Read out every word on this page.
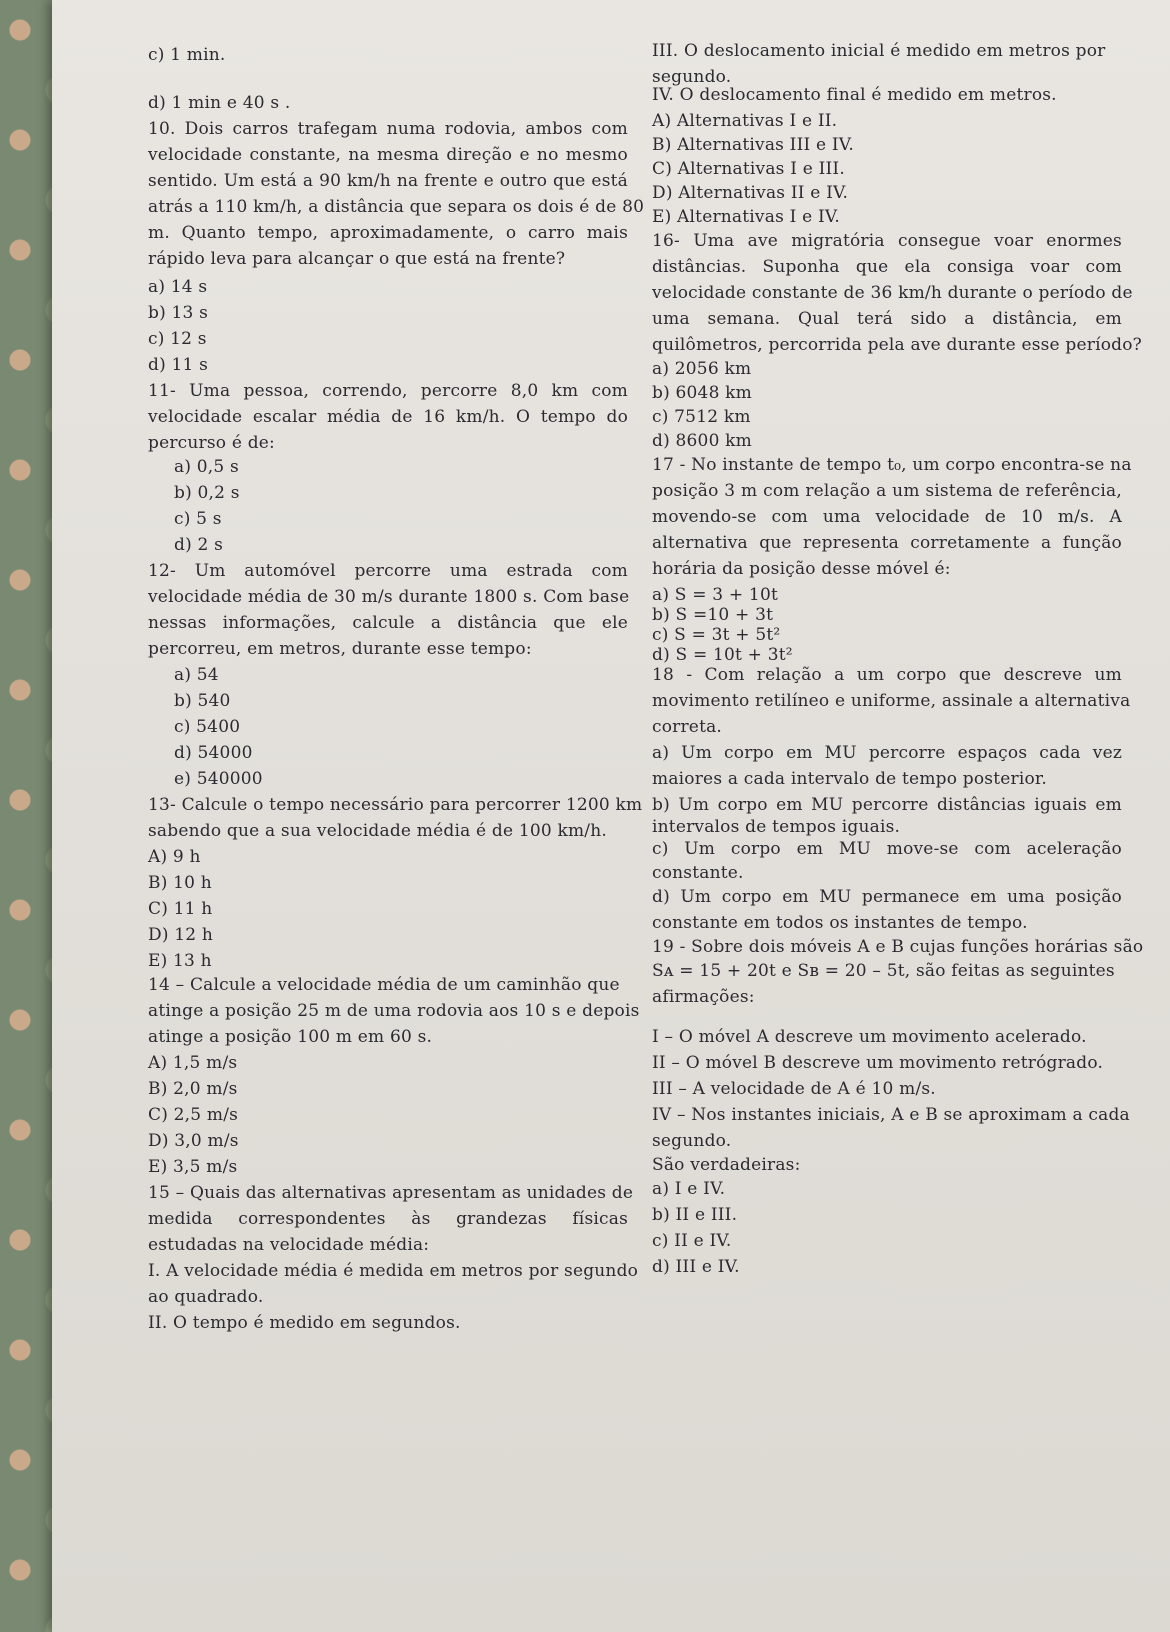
c) 1 min.
d) 1 min e 40 s .
10. Dois carros trafegam numa rodovia, ambos com
velocidade constante, na mesma direção e no mesmo
sentido. Um está a 90 km/h na frente e outro que está
atrás a 110 km/h, a distância que separa os dois é de 80
m. Quanto tempo, aproximadamente, o carro mais
rápido leva para alcançar o que está na frente?
a) 14 s
b) 13 s
c) 12 s
d) 11 s
11- Uma pessoa, correndo, percorre 8,0 km com
velocidade escalar média de 16 km/h. O tempo do
percurso é de:
a) 0,5 s
b) 0,2 s
c) 5 s
d) 2 s
12- Um automóvel percorre uma estrada com
velocidade média de 30 m/s durante 1800 s. Com base
nessas informações, calcule a distância que ele
percorreu, em metros, durante esse tempo:
a) 54
b) 540
c) 5400
d) 54000
e) 540000
13- Calcule o tempo necessário para percorrer 1200 km
sabendo que a sua velocidade média é de 100 km/h.
A) 9 h
B) 10 h
C) 11 h
D) 12 h
E) 13 h
14 – Calcule a velocidade média de um caminhão que
atinge a posição 25 m de uma rodovia aos 10 s e depois
atinge a posição 100 m em 60 s.
A) 1,5 m/s
B) 2,0 m/s
C) 2,5 m/s
D) 3,0 m/s
E) 3,5 m/s
15 – Quais das alternativas apresentam as unidades de
medida correspondentes às grandezas físicas
estudadas na velocidade média:
I. A velocidade média é medida em metros por segundo
ao quadrado.
II. O tempo é medido em segundos.
III. O deslocamento inicial é medido em metros por
segundo.
IV. O deslocamento final é medido em metros.
A) Alternativas I e II.
B) Alternativas III e IV.
C) Alternativas I e III.
D) Alternativas II e IV.
E) Alternativas I e IV.
16- Uma ave migratória consegue voar enormes
distâncias. Suponha que ela consiga voar com
velocidade constante de 36 km/h durante o período de
uma semana. Qual terá sido a distância, em
quilômetros, percorrida pela ave durante esse período?
a) 2056 km
b) 6048 km
c) 7512 km
d) 8600 km
17 - No instante de tempo t₀, um corpo encontra-se na
posição 3 m com relação a um sistema de referência,
movendo-se com uma velocidade de 10 m/s. A
alternativa que representa corretamente a função
horária da posição desse móvel é:
a) S = 3 + 10t
b) S =10 + 3t
c) S = 3t + 5t²
d) S = 10t + 3t²
18 - Com relação a um corpo que descreve um
movimento retilíneo e uniforme, assinale a alternativa
correta.
a) Um corpo em MU percorre espaços cada vez
maiores a cada intervalo de tempo posterior.
b) Um corpo em MU percorre distâncias iguais em
intervalos de tempos iguais.
c) Um corpo em MU move-se com aceleração
constante.
d) Um corpo em MU permanece em uma posição
constante em todos os instantes de tempo.
19 - Sobre dois móveis A e B cujas funções horárias são
Sᴀ = 15 + 20t e Sʙ = 20 – 5t, são feitas as seguintes
afirmações:
I – O móvel A descreve um movimento acelerado.
II – O móvel B descreve um movimento retrógrado.
III – A velocidade de A é 10 m/s.
IV – Nos instantes iniciais, A e B se aproximam a cada
segundo.
São verdadeiras:
a) I e IV.
b) II e III.
c) II e IV.
d) III e IV.
